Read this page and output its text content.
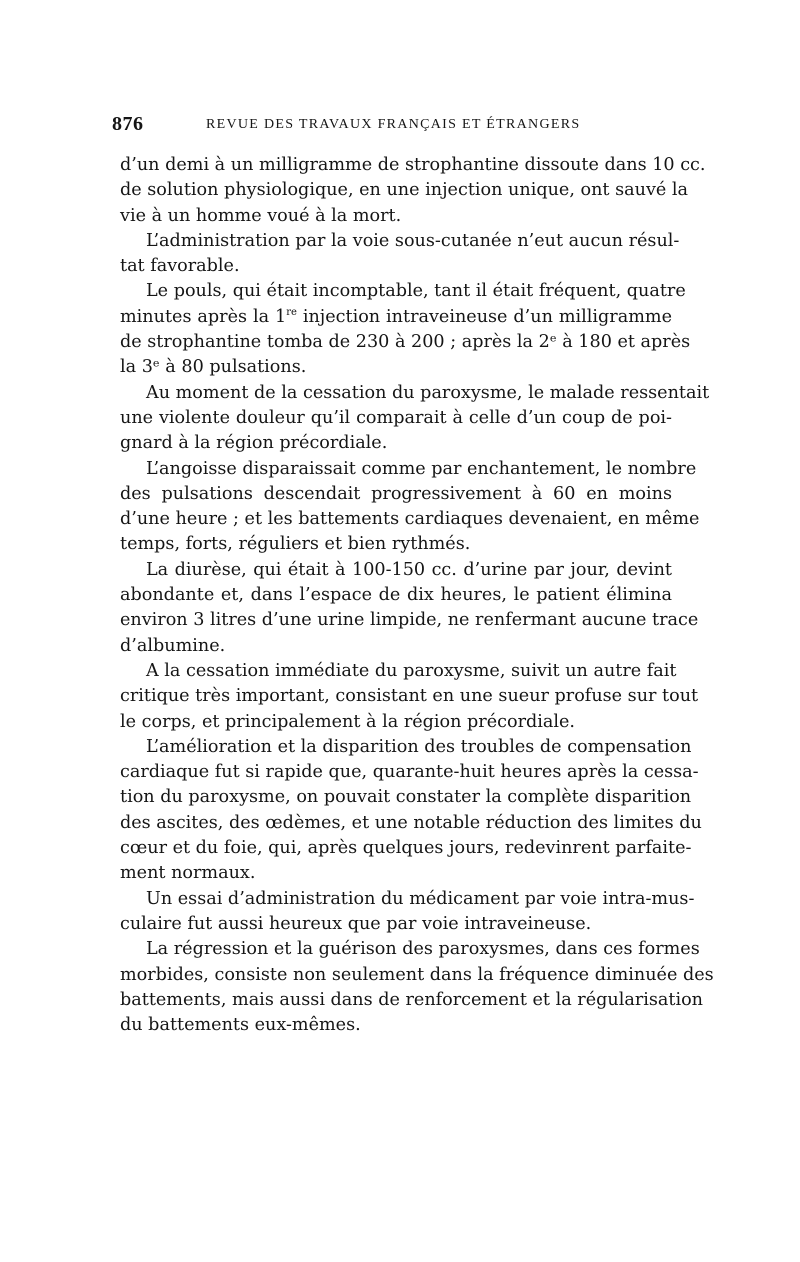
876	REVUE DES TRAVAUX FRANÇAIS ET ÉTRANGERS
d’un demi à un milligramme de strophantine dissoute dans 10 cc.
de solution physiologique, en une injection unique, ont sauvé la
vie à un homme voué à la mort.
L’administration par la voie sous-cutanée n’eut aucun résul-
tat favorable.
Le pouls, qui était incomptable, tant il était fréquent, quatre
minutes après la 1re injection intraveineuse d’un milligramme
de strophantine tomba de 230 à 200 ; après la 2ᵉ à 180 et après
la 3ᵉ à 80 pulsations.
Au moment de la cessation du paroxysme, le malade ressentait
une violente douleur qu’il comparait à celle d’un coup de poi-
gnard à la région précordiale.
L’angoisse disparaissait comme par enchantement, le nombre
des pulsations descendait progressivement à 60 en moins
d’une heure ; et les battements cardiaques devenaient, en même
temps, forts, réguliers et bien rythmés.
La diurèse, qui était à 100-150 cc. d’urine par jour, devint
abondante et, dans l’espace de dix heures, le patient élimina
environ 3 litres d’une urine limpide, ne renfermant aucune trace
d’albumine.
A la cessation immédiate du paroxysme, suivit un autre fait
critique très important, consistant en une sueur profuse sur tout
le corps, et principalement à la région précordiale.
L’amélioration et la disparition des troubles de compensation
cardiaque fut si rapide que, quarante-huit heures après la cessa-
tion du paroxysme, on pouvait constater la complète disparition
des ascites, des œdèmes, et une notable réduction des limites du
cœur et du foie, qui, après quelques jours, redevinrent parfaite-
ment normaux.
Un essai d’administration du médicament par voie intra-mus-
culaire fut aussi heureux que par voie intraveineuse.
La régression et la guérison des paroxysmes, dans ces formes
morbides, consiste non seulement dans la fréquence diminuée des
battements, mais aussi dans de renforcement et la régularisation
du battements eux-mêmes.
